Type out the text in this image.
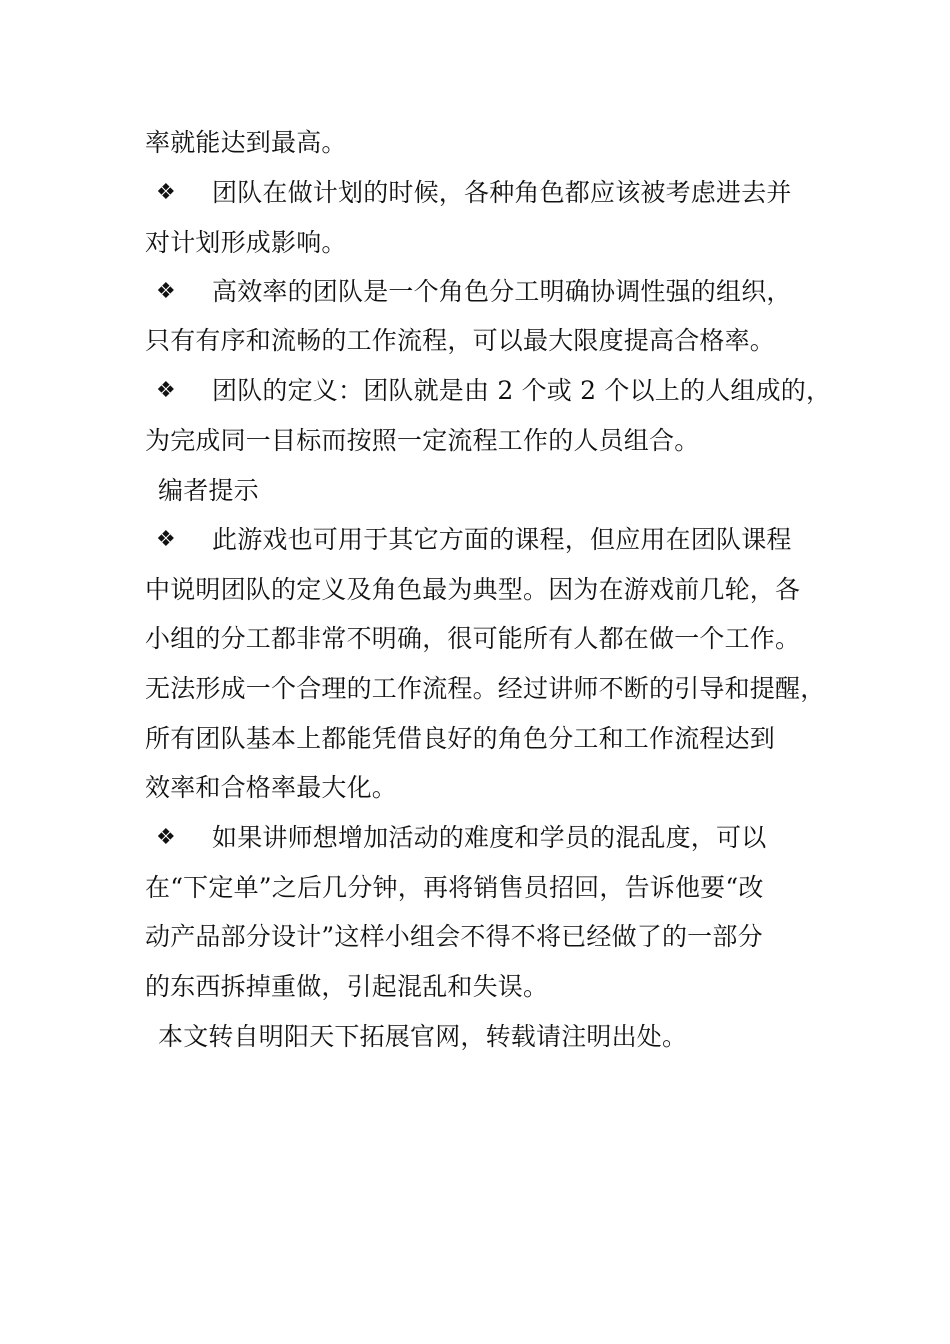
率就能达到最高。
❖ 团队在做计划的时候，各种角色都应该被考虑进去并
对计划形成影响。
❖ 高效率的团队是一个角色分工明确协调性强的组织，
只有有序和流畅的工作流程，可以最大限度提高合格率。
❖ 团队的定义：团队就是由 2 个或 2 个以上的人组成的，
为完成同一目标而按照一定流程工作的人员组合。
编者提示
❖ 此游戏也可用于其它方面的课程，但应用在团队课程
中说明团队的定义及角色最为典型。因为在游戏前几轮，各
小组的分工都非常不明确，很可能所有人都在做一个工作。
无法形成一个合理的工作流程。经过讲师不断的引导和提醒，
所有团队基本上都能凭借良好的角色分工和工作流程达到
效率和合格率最大化。
❖ 如果讲师想增加活动的难度和学员的混乱度，可以
在“下定单”之后几分钟，再将销售员招回，告诉他要“改
动产品部分设计”这样小组会不得不将已经做了的一部分
的东西拆掉重做，引起混乱和失误。
本文转自明阳天下拓展官网，转载请注明出处。
